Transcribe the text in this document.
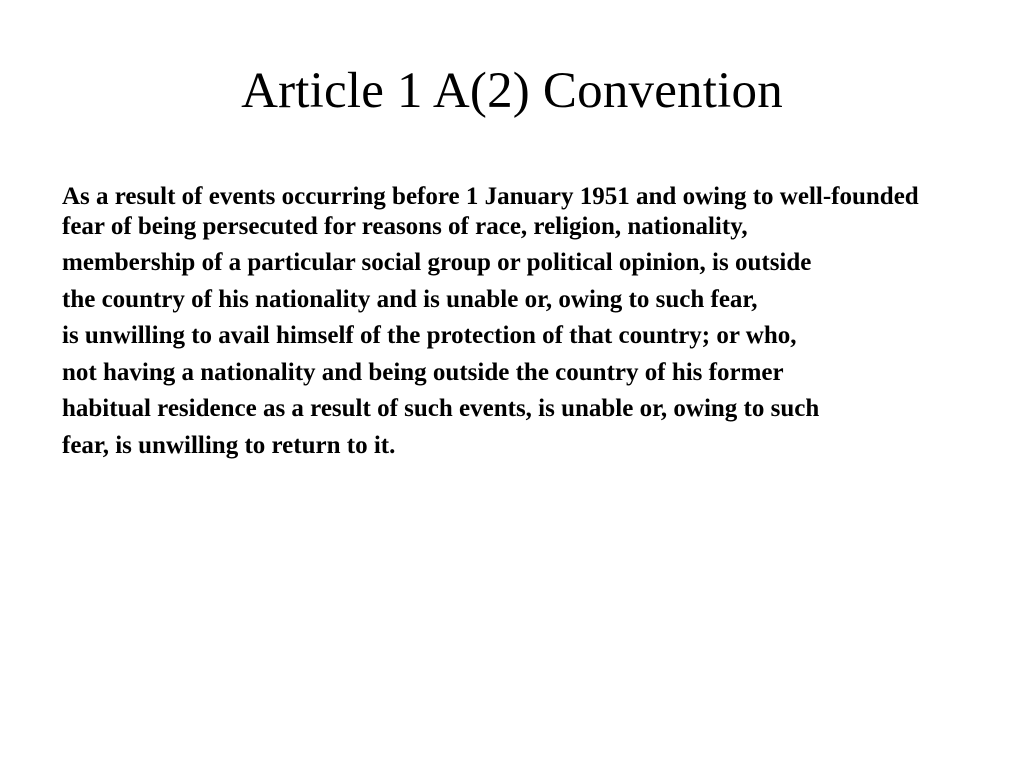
Article 1 A(2) Convention
As a result of events occurring before 1 January 1951 and owing to well-founded fear of being persecuted for reasons of race, religion, nationality,
membership of a particular social group or political opinion, is outside
the country of his nationality and is unable or, owing to such fear,
is unwilling to avail himself of the protection of that country; or who,
not having a nationality and being outside the country of his former
habitual residence as a result of such events, is unable or, owing to such
fear, is unwilling to return to it.
